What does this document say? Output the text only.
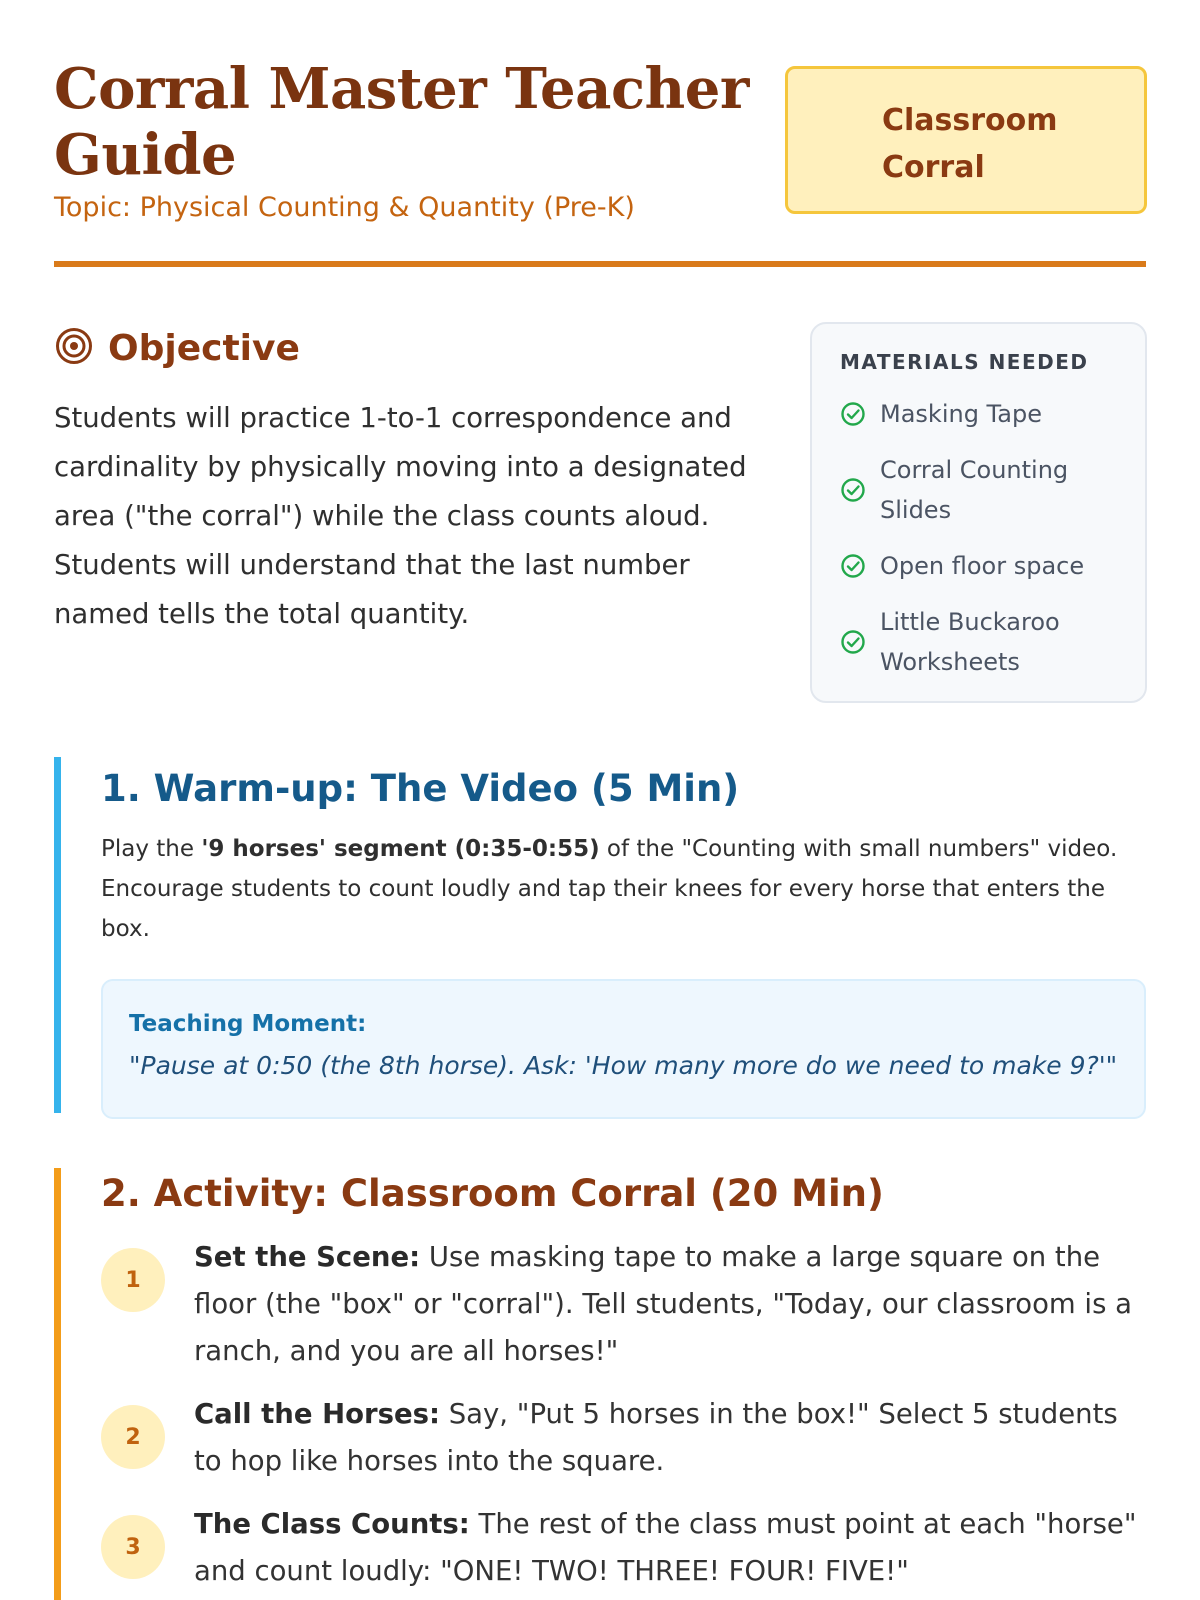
Corral Master Teacher Guide
Topic: Physical Counting & Quantity (Pre-K)
Classroom
Corral
Objective

Students will practice 1-to-1 correspondence and cardinality by physically moving into a designated area ("the corral") while the class counts aloud. Students will understand that the last number named tells the total quantity.

MATERIALS NEEDED
Masking Tape
Corral Counting Slides
Open floor space
Little Buckaroo Worksheets
1. Warm-up: The Video (5 Min)

Play the '9 horses' segment (0:35-0:55) of the "Counting with small numbers" video. Encourage students to count loudly and tap their knees for every horse that enters the box.

Teaching Moment:
"Pause at 0:50 (the 8th horse). Ask: 'How many more do we need to make 9?'"
2. Activity: Classroom Corral (20 Min)
1
Set the Scene: Use masking tape to make a large square on the floor (the "box" or "corral"). Tell students, "Today, our classroom is a ranch, and you are all horses!"
2
Call the Horses: Say, "Put 5 horses in the box!" Select 5 students to hop like horses into the square.
3
The Class Counts: The rest of the class must point at each "horse" and count loudly: "ONE! TWO! THREE! FOUR! FIVE!"
